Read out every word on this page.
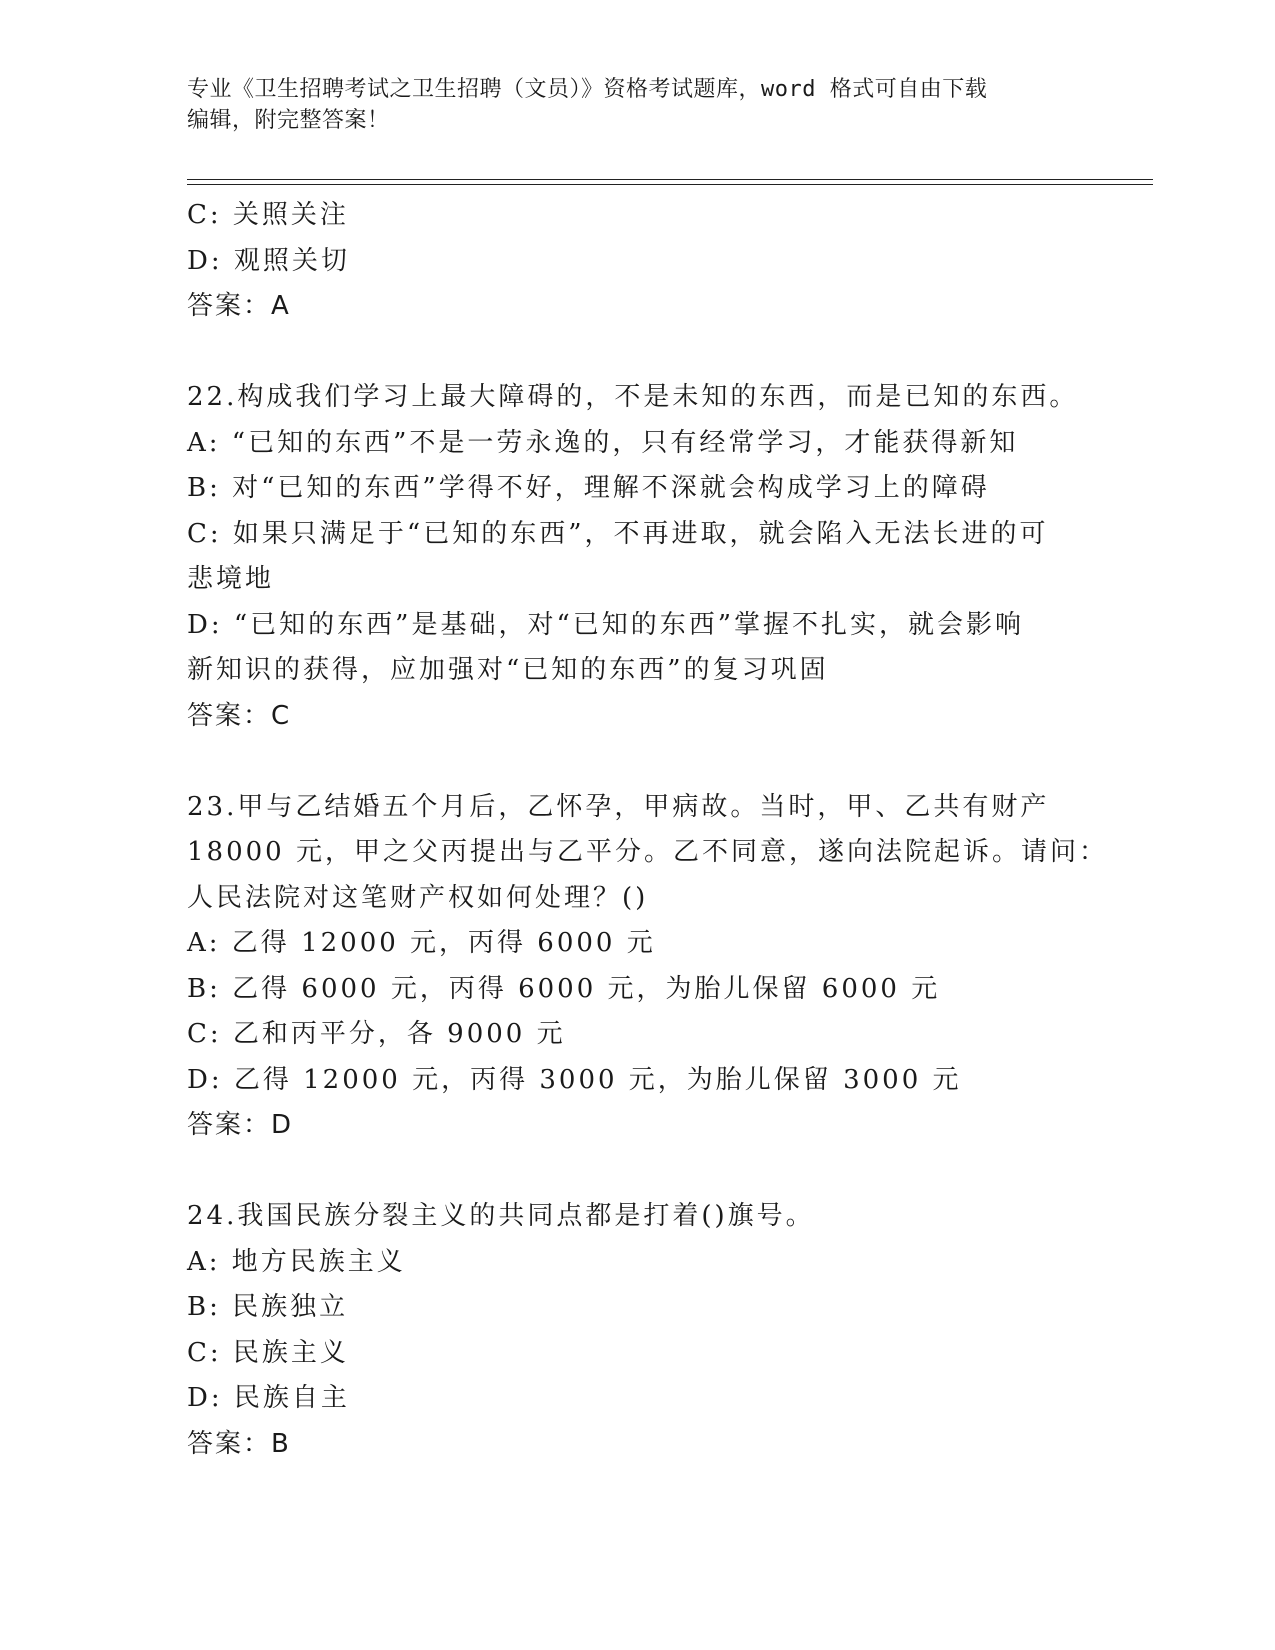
专业《卫生招聘考试之卫生招聘（文员）》资格考试题库，word 格式可自由下载
编辑，附完整答案！

C: 关照关注

D: 观照关切

答案：A

22.构成我们学习上最大障碍的，不是未知的东西，而是已知的东西。

A: “已知的东西”不是一劳永逸的，只有经常学习，才能获得新知

B: 对“已知的东西”学得不好，理解不深就会构成学习上的障碍

C: 如果只满足于“已知的东西”，不再进取，就会陷入无法长进的可

悲境地

D: “已知的东西”是基础，对“已知的东西”掌握不扎实，就会影响

新知识的获得，应加强对“已知的东西”的复习巩固

答案：C

23.甲与乙结婚五个月后，乙怀孕，甲病故。当时，甲、乙共有财产

18000 元，甲之父丙提出与乙平分。乙不同意，遂向法院起诉。请问：

人民法院对这笔财产权如何处理？()

A: 乙得 12000 元，丙得 6000 元

B: 乙得 6000 元，丙得 6000 元，为胎儿保留 6000 元

C: 乙和丙平分，各 9000 元

D: 乙得 12000 元，丙得 3000 元，为胎儿保留 3000 元

答案：D

24.我国民族分裂主义的共同点都是打着()旗号。

A: 地方民族主义

B: 民族独立

C: 民族主义

D: 民族自主

答案：B
